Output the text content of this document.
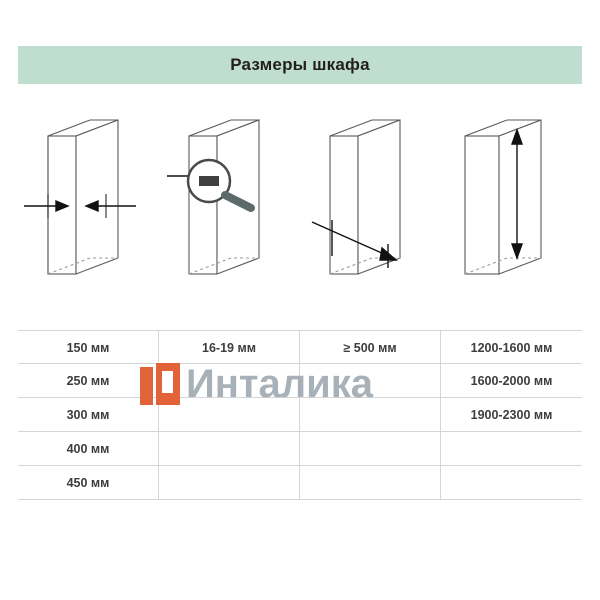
Размеры шкафа
150 мм
250 мм
300 мм
400 мм
450 мм
16-19 мм	≥ 500 мм	1200-1600 мм
1600-2000 мм
1900-2300 мм
Инталика
